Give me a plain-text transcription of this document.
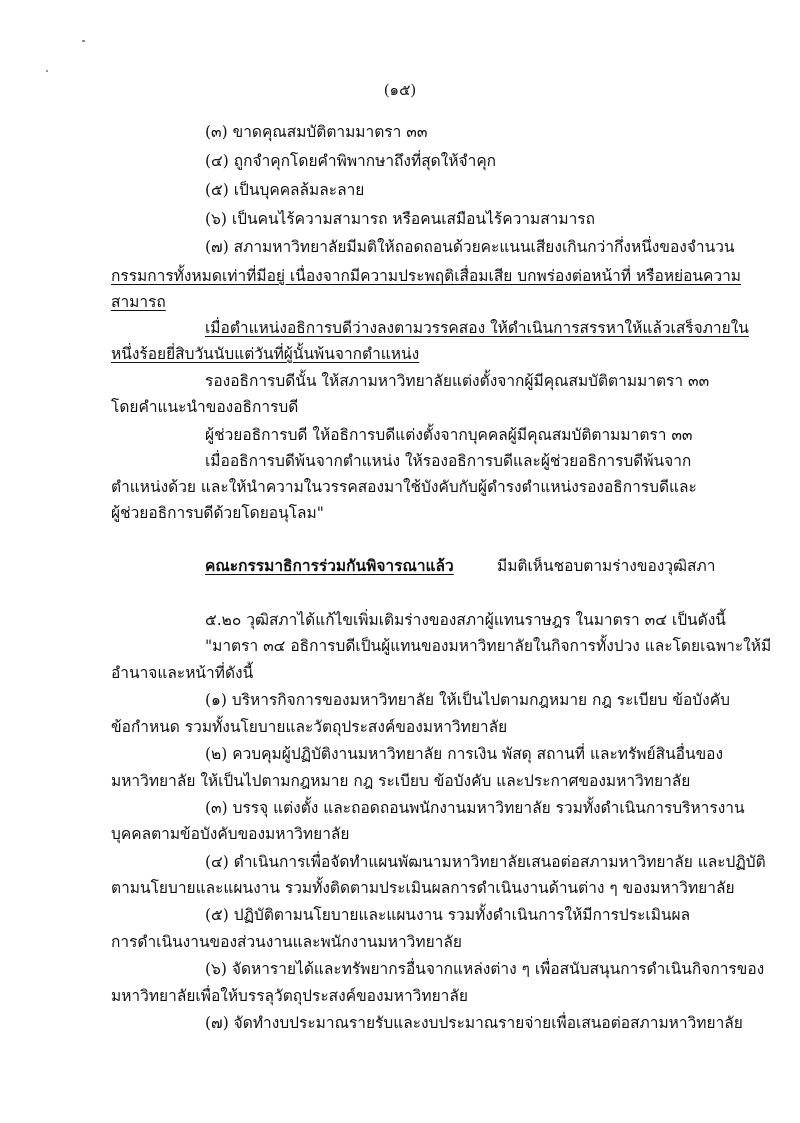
(๑๕)
(๓) ขาดคุณสมบัติตามมาตรา ๓๓
(๔) ถูกจำคุกโดยคำพิพากษาถึงที่สุดให้จำคุก
(๕) เป็นบุคคลล้มละลาย
(๖) เป็นคนไร้ความสามารถ หรือคนเสมือนไร้ความสามารถ
(๗) สภามหาวิทยาลัยมีมติให้ถอดถอนด้วยคะแนนเสียงเกินกว่ากึ่งหนึ่งของจำนวน
กรรมการทั้งหมดเท่าที่มีอยู่ เนื่องจากมีความประพฤติเสื่อมเสีย บกพร่องต่อหน้าที่ หรือหย่อนความ
สามารถ
เมื่อตำแหน่งอธิการบดีว่างลงตามวรรคสอง ให้ดำเนินการสรรหาให้แล้วเสร็จภายใน
หนึ่งร้อยยี่สิบวันนับแต่วันที่ผู้นั้นพ้นจากตำแหน่ง
รองอธิการบดีนั้น ให้สภามหาวิทยาลัยแต่งตั้งจากผู้มีคุณสมบัติตามมาตรา ๓๓
โดยคำแนะนำของอธิการบดี
ผู้ช่วยอธิการบดี ให้อธิการบดีแต่งตั้งจากบุคคลผู้มีคุณสมบัติตามมาตรา ๓๓
เมื่ออธิการบดีพ้นจากตำแหน่ง ให้รองอธิการบดีและผู้ช่วยอธิการบดีพ้นจาก
ตำแหน่งด้วย และให้นำความในวรรคสองมาใช้บังคับกับผู้ดำรงตำแหน่งรองอธิการบดีและ
ผู้ช่วยอธิการบดีด้วยโดยอนุโลม"
คณะกรรมาธิการร่วมกันพิจารณาแล้ว	มีมติเห็นชอบตามร่างของวุฒิสภา
๕.๒๐ วุฒิสภาได้แก้ไขเพิ่มเติมร่างของสภาผู้แทนราษฎร ในมาตรา ๓๔ เป็นดังนี้
"มาตรา ๓๔ อธิการบดีเป็นผู้แทนของมหาวิทยาลัยในกิจการทั้งปวง และโดยเฉพาะให้มี
อำนาจและหน้าที่ดังนี้
(๑) บริหารกิจการของมหาวิทยาลัย ให้เป็นไปตามกฎหมาย กฎ ระเบียบ ข้อบังคับ
ข้อกำหนด รวมทั้งนโยบายและวัตถุประสงค์ของมหาวิทยาลัย
(๒) ควบคุมผู้ปฏิบัติงานมหาวิทยาลัย การเงิน พัสดุ สถานที่ และทรัพย์สินอื่นของ
มหาวิทยาลัย ให้เป็นไปตามกฎหมาย กฎ ระเบียบ ข้อบังคับ และประกาศของมหาวิทยาลัย
(๓) บรรจุ แต่งตั้ง และถอดถอนพนักงานมหาวิทยาลัย รวมทั้งดำเนินการบริหารงาน
บุคคลตามข้อบังคับของมหาวิทยาลัย
(๔) ดำเนินการเพื่อจัดทำแผนพัฒนามหาวิทยาลัยเสนอต่อสภามหาวิทยาลัย และปฏิบัติ
ตามนโยบายและแผนงาน รวมทั้งติดตามประเมินผลการดำเนินงานด้านต่าง ๆ ของมหาวิทยาลัย
(๕) ปฏิบัติตามนโยบายและแผนงาน รวมทั้งดำเนินการให้มีการประเมินผล
การดำเนินงานของส่วนงานและพนักงานมหาวิทยาลัย
(๖) จัดหารายได้และทรัพยากรอื่นจากแหล่งต่าง ๆ เพื่อสนับสนุนการดำเนินกิจการของ
มหาวิทยาลัยเพื่อให้บรรลุวัตถุประสงค์ของมหาวิทยาลัย
(๗) จัดทำงบประมาณรายรับและงบประมาณรายจ่ายเพื่อเสนอต่อสภามหาวิทยาลัย
